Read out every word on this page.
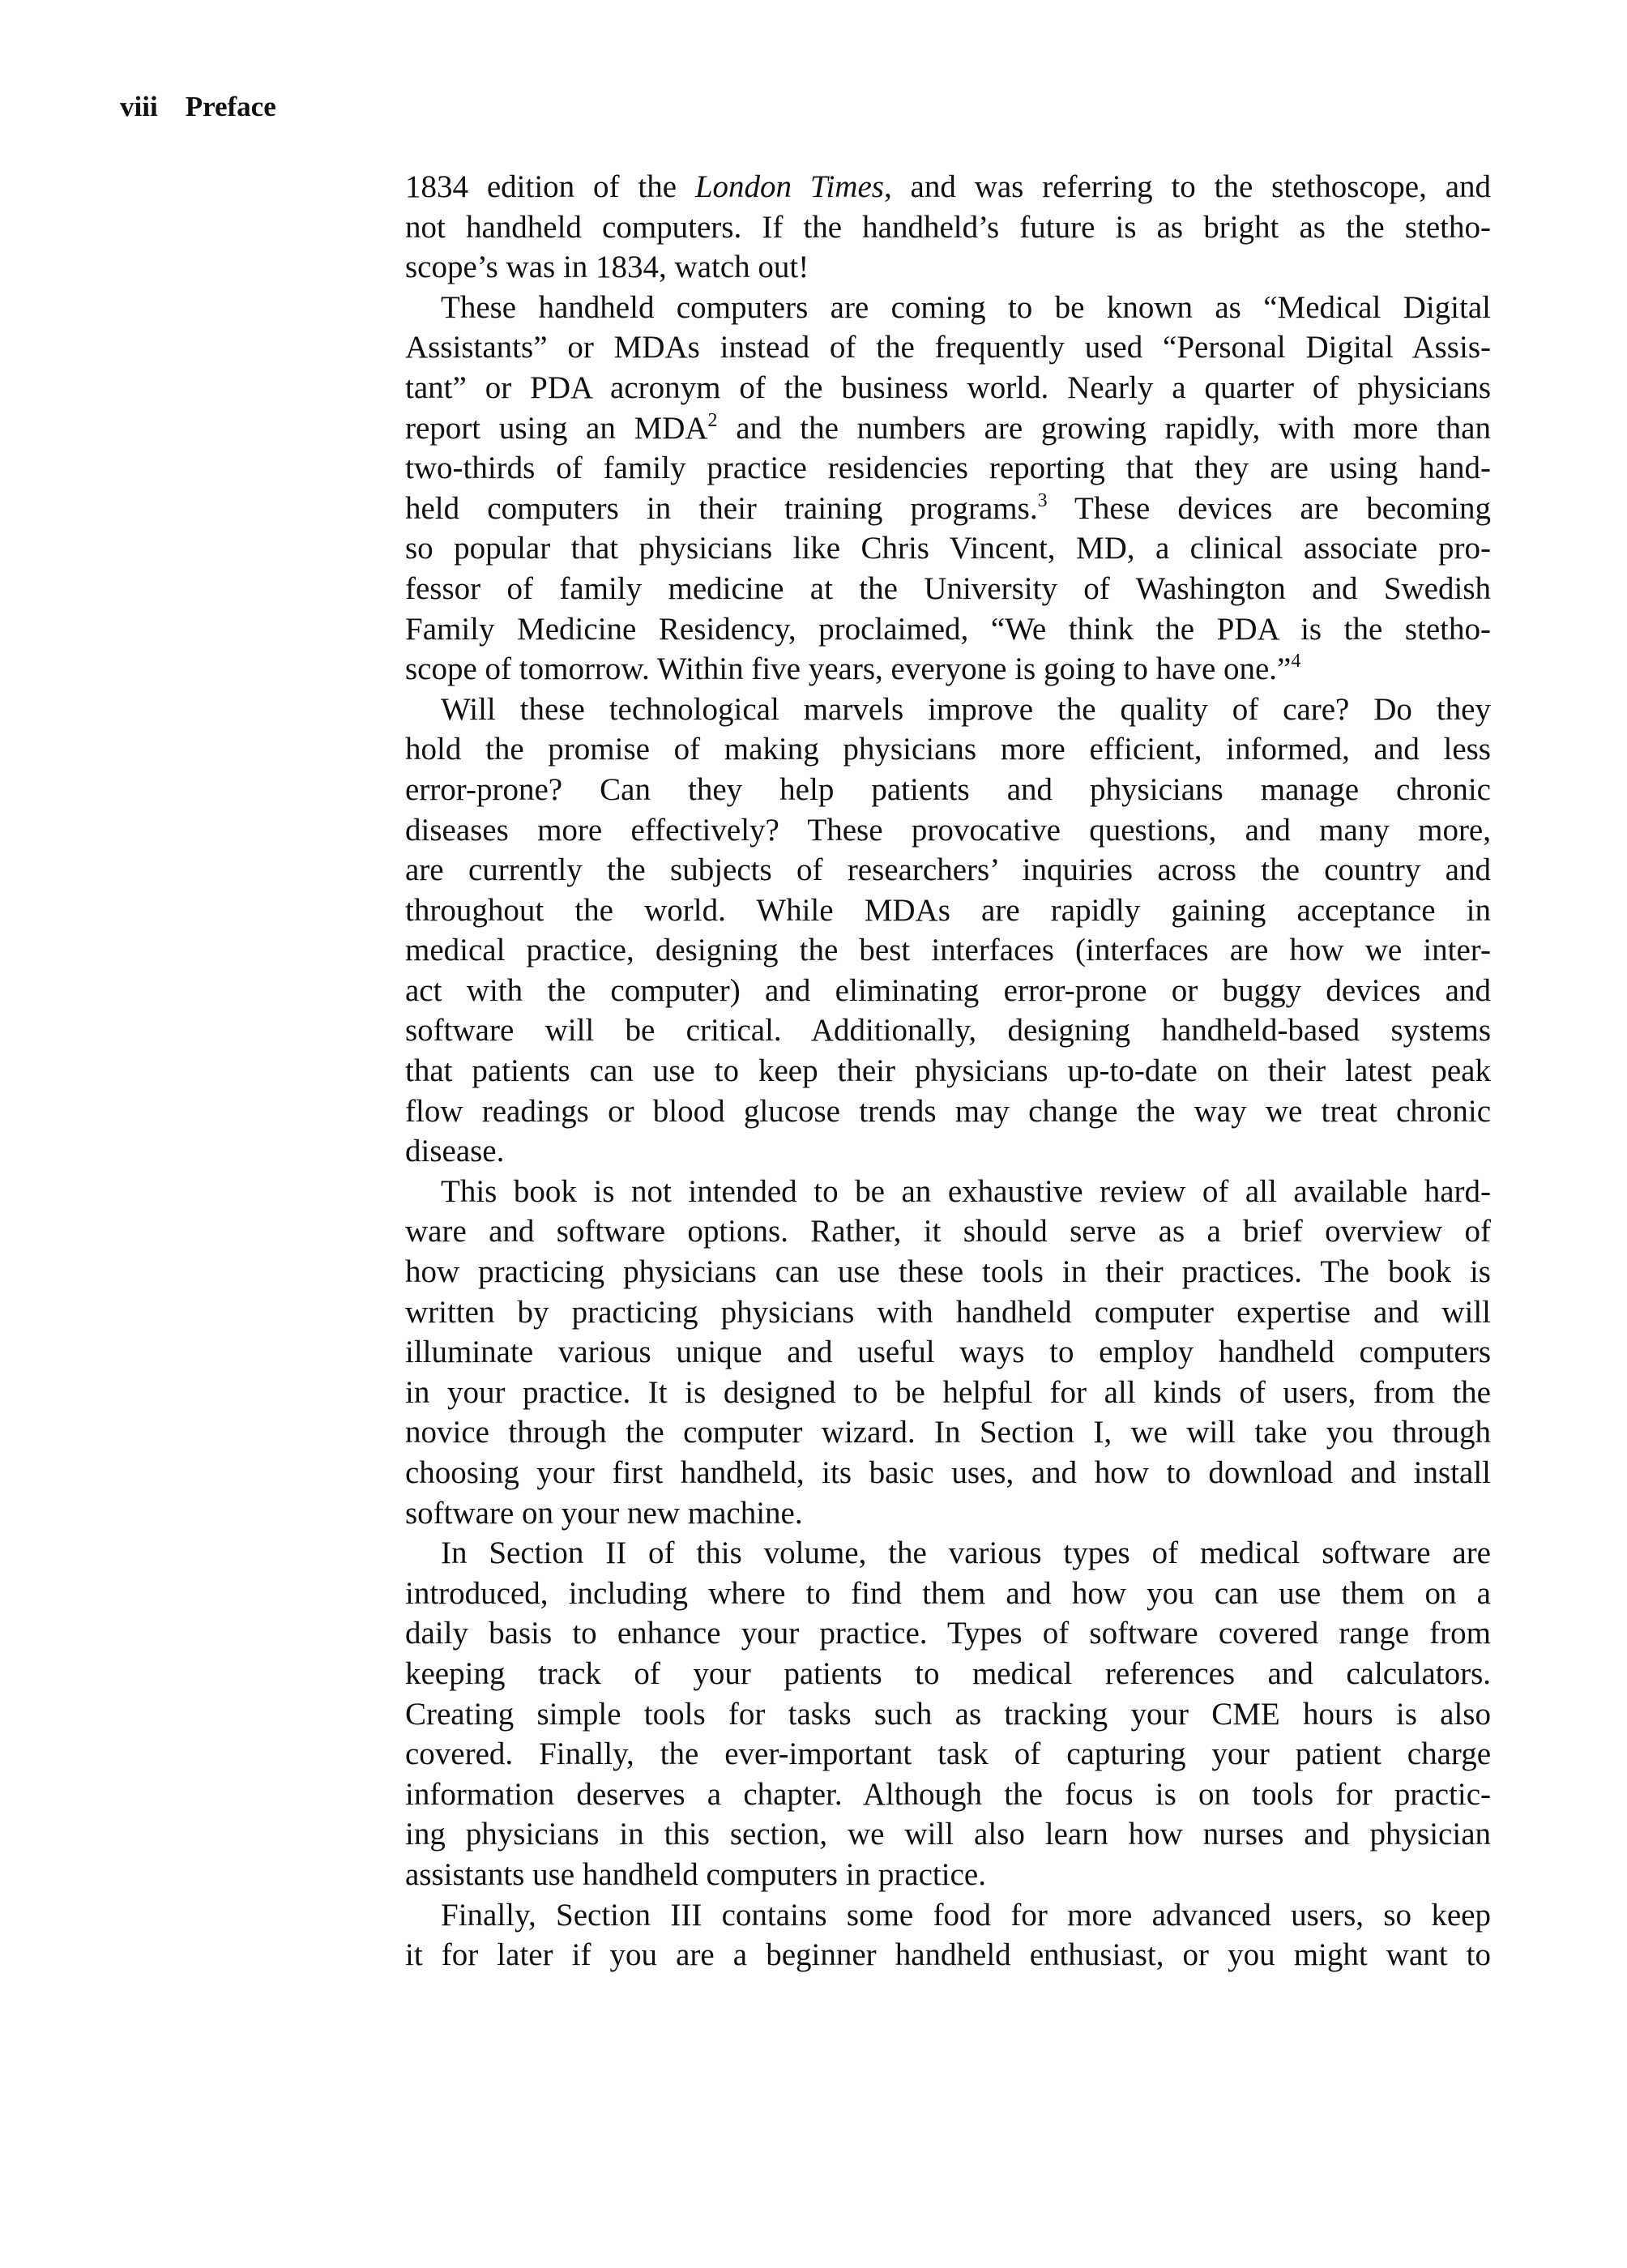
viii Preface
1834 edition of the London Times, and was referring to the stethoscope, and
not handheld computers. If the handheld’s future is as bright as the stetho-
scope’s was in 1834, watch out!
These handheld computers are coming to be known as “Medical Digital
Assistants” or MDAs instead of the frequently used “Personal Digital Assis-
tant” or PDA acronym of the business world. Nearly a quarter of physicians
report using an MDA$^2$ and the numbers are growing rapidly, with more than
two-thirds of family practice residencies reporting that they are using hand-
held computers in their training programs.$^3$ These devices are becoming
so popular that physicians like Chris Vincent, MD, a clinical associate pro-
fessor of family medicine at the University of Washington and Swedish
Family Medicine Residency, proclaimed, “We think the PDA is the stetho-
scope of tomorrow. Within five years, everyone is going to have one.”$^4$
Will these technological marvels improve the quality of care? Do they
hold the promise of making physicians more efficient, informed, and less
error-prone? Can they help patients and physicians manage chronic
diseases more effectively? These provocative questions, and many more,
are currently the subjects of researchers’ inquiries across the country and
throughout the world. While MDAs are rapidly gaining acceptance in
medical practice, designing the best interfaces (interfaces are how we inter-
act with the computer) and eliminating error-prone or buggy devices and
software will be critical. Additionally, designing handheld-based systems
that patients can use to keep their physicians up-to-date on their latest peak
flow readings or blood glucose trends may change the way we treat chronic
disease.
This book is not intended to be an exhaustive review of all available hard-
ware and software options. Rather, it should serve as a brief overview of
how practicing physicians can use these tools in their practices. The book is
written by practicing physicians with handheld computer expertise and will
illuminate various unique and useful ways to employ handheld computers
in your practice. It is designed to be helpful for all kinds of users, from the
novice through the computer wizard. In Section I, we will take you through
choosing your first handheld, its basic uses, and how to download and install
software on your new machine.
In Section II of this volume, the various types of medical software are
introduced, including where to find them and how you can use them on a
daily basis to enhance your practice. Types of software covered range from
keeping track of your patients to medical references and calculators.
Creating simple tools for tasks such as tracking your CME hours is also
covered. Finally, the ever-important task of capturing your patient charge
information deserves a chapter. Although the focus is on tools for practic-
ing physicians in this section, we will also learn how nurses and physician
assistants use handheld computers in practice.
Finally, Section III contains some food for more advanced users, so keep
it for later if you are a beginner handheld enthusiast, or you might want to
